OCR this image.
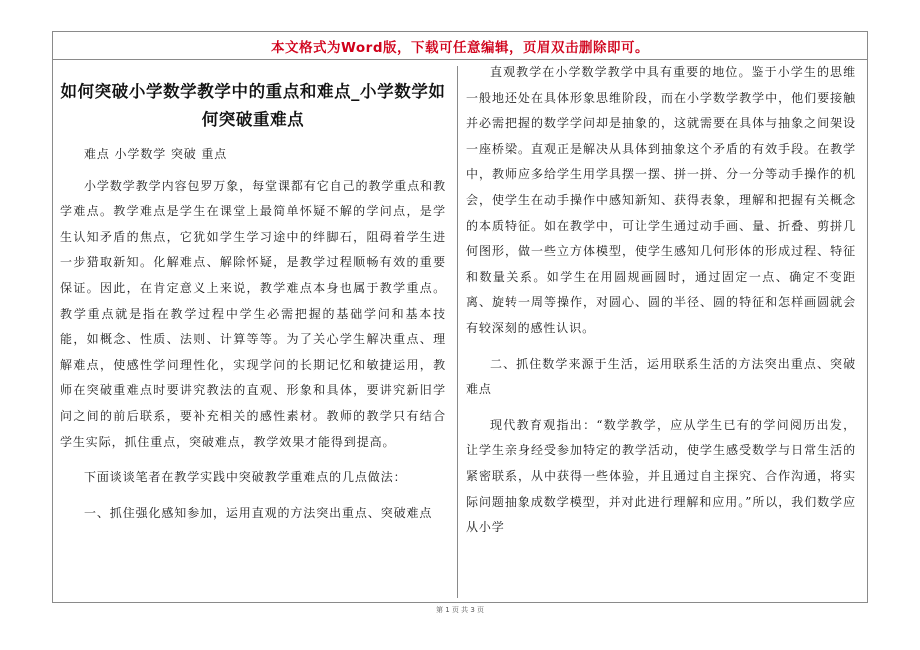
本文格式为Word版，下载可任意编辑，页眉双击删除即可。
如何突破小学数学教学中的重点和难点_小学数学如何突破重难点

难点 小学数学 突破 重点

小学数学教学内容包罗万象，每堂课都有它自己的教学重点和教学难点。教学难点是学生在课堂上最简单怀疑不解的学问点，是学生认知矛盾的焦点，它犹如学生学习途中的绊脚石，阻碍着学生进一步猎取新知。化解难点、解除怀疑，是教学过程顺畅有效的重要保证。因此，在肯定意义上来说，教学难点本身也属于教学重点。教学重点就是指在教学过程中学生必需把握的基础学问和基本技能，如概念、性质、法则、计算等等。为了关心学生解决重点、理解难点，使感性学问理性化，实现学问的长期记忆和敏捷运用，教师在突破重难点时要讲究教法的直观、形象和具体，要讲究新旧学问之间的前后联系，要补充相关的感性素材。教师的教学只有结合学生实际，抓住重点，突破难点，教学效果才能得到提高。

下面谈谈笔者在教学实践中突破教学重难点的几点做法：

一、抓住强化感知参加，运用直观的方法突出重点、突破难点

直观教学在小学数学教学中具有重要的地位。鉴于小学生的思维一般地还处在具体形象思维阶段，而在小学数学教学中，他们要接触并必需把握的数学学问却是抽象的，这就需要在具体与抽象之间架设一座桥梁。直观正是解决从具体到抽象这个矛盾的有效手段。在教学中，教师应多给学生用学具摆一摆、拼一拼、分一分等动手操作的机会，使学生在动手操作中感知新知、获得表象，理解和把握有关概念的本质特征。如在教学中，可让学生通过动手画、量、折叠、剪拼几何图形，做一些立方体模型，使学生感知几何形体的形成过程、特征和数量关系。如学生在用圆规画圆时，通过固定一点、确定不变距离、旋转一周等操作，对圆心、圆的半径、圆的特征和怎样画圆就会有较深刻的感性认识。

二、抓住数学来源于生活，运用联系生活的方法突出重点、突破难点

现代教育观指出：“数学教学，应从学生已有的学问阅历出发，让学生亲身经受参加特定的教学活动，使学生感受数学与日常生活的紧密联系，从中获得一些体验，并且通过自主探究、合作沟通，将实际问题抽象成数学模型，并对此进行理解和应用。”所以，我们数学应从小学

第 1 页 共 3 页
